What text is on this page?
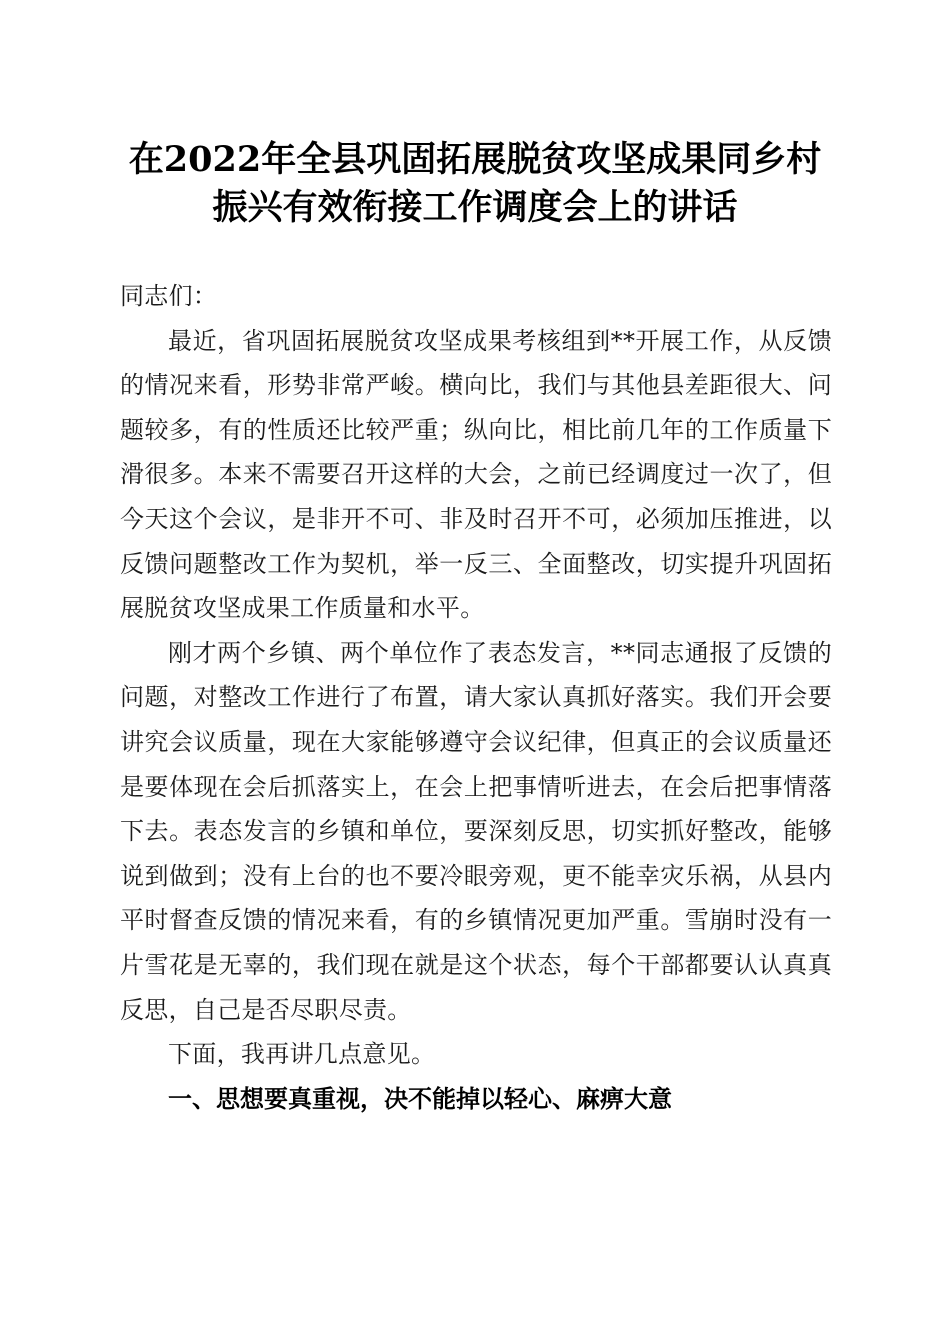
在2022年全县巩固拓展脱贫攻坚成果同乡村
振兴有效衔接工作调度会上的讲话

同志们：

最近，省巩固拓展脱贫攻坚成果考核组到**开展工作，从反馈的情况来看，形势非常严峻。横向比，我们与其他县差距很大、问题较多，有的性质还比较严重；纵向比，相比前几年的工作质量下滑很多。本来不需要召开这样的大会，之前已经调度过一次了，但今天这个会议，是非开不可、非及时召开不可，必须加压推进，以反馈问题整改工作为契机，举一反三、全面整改，切实提升巩固拓展脱贫攻坚成果工作质量和水平。

刚才两个乡镇、两个单位作了表态发言，**同志通报了反馈的问题，对整改工作进行了布置，请大家认真抓好落实。我们开会要讲究会议质量，现在大家能够遵守会议纪律，但真正的会议质量还是要体现在会后抓落实上，在会上把事情听进去，在会后把事情落下去。表态发言的乡镇和单位，要深刻反思，切实抓好整改，能够说到做到；没有上台的也不要冷眼旁观，更不能幸灾乐祸，从县内平时督查反馈的情况来看，有的乡镇情况更加严重。雪崩时没有一片雪花是无辜的，我们现在就是这个状态，每个干部都要认认真真反思，自己是否尽职尽责。

下面，我再讲几点意见。

一、思想要真重视，决不能掉以轻心、麻痹大意
